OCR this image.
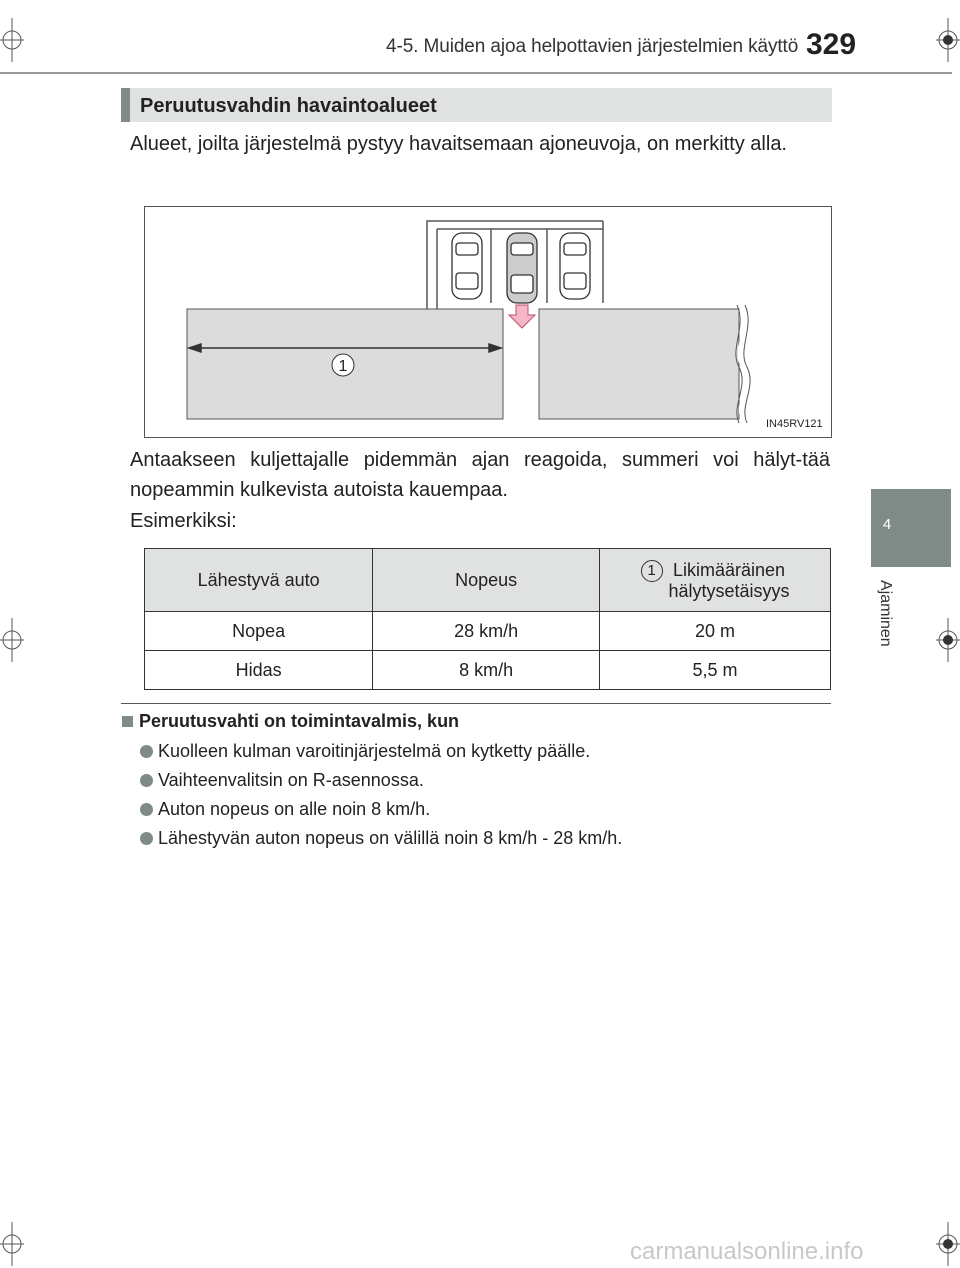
4-5. Muiden ajoa helpottavien järjestelmien käyttö 329
4
Ajaminen
Peruutusvahdin havaintoalueet
Alueet, joilta järjestelmä pystyy havaitsemaan ajoneuvoja, on merkitty alla.
1
IN45RV121
Antaakseen kuljettajalle pidemmän ajan reagoida, summeri voi hälyt-tää nopeammin kulkevista autoista kauempaa.
Esimerkiksi:
Lähestyvä auto	Nopeus	1 Likimääräinen
hälytysetäisyys

Nopea	28 km/h	20 m
Hidas	8 km/h	5,5 m
Peruutusvahti on toimintavalmis, kun
Kuolleen kulman varoitinjärjestelmä on kytketty päälle.
Vaihteenvalitsin on R-asennossa.
Auton nopeus on alle noin 8 km/h.
Lähestyvän auton nopeus on välillä noin 8 km/h - 28 km/h.
carmanualsonline.info
